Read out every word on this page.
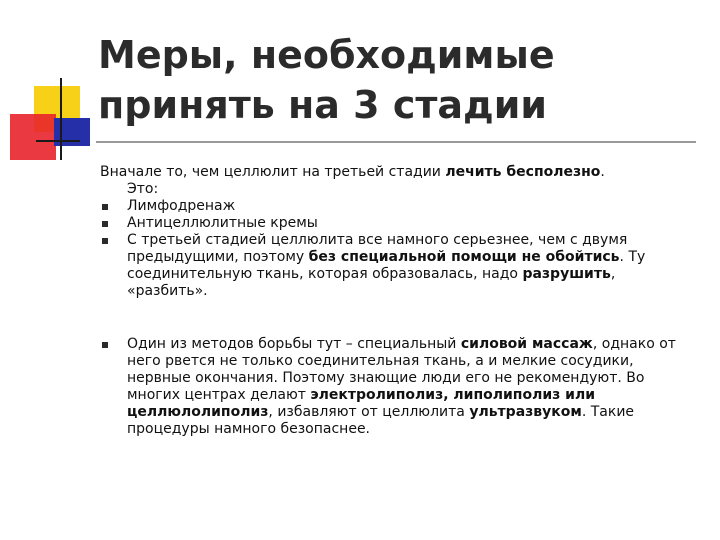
Меры, необходимые
принять на 3 стадии

Вначале то, чем целлюлит на третьей стадии лечить бесполезно.
Это:

Лимфодренаж
Антицеллюлитные кремы
С третьей стадией целлюлита все намного серьезнее, чем с двумя предыдущими, поэтому без специальной помощи не обойтись. Ту соединительную ткань, которая образовалась, надо разрушить, «разбить».
Один из методов борьбы тут – специальный силовой массаж, однако от него рвется не только соединительная ткань, а и мелкие сосудики, нервные окончания. Поэтому знающие люди его не рекомендуют. Во многих центрах делают электролиполиз, липолиполиз или целлюлолиполиз, избавляют от целлюлита ультразвуком. Такие процедуры намного безопаснее.
